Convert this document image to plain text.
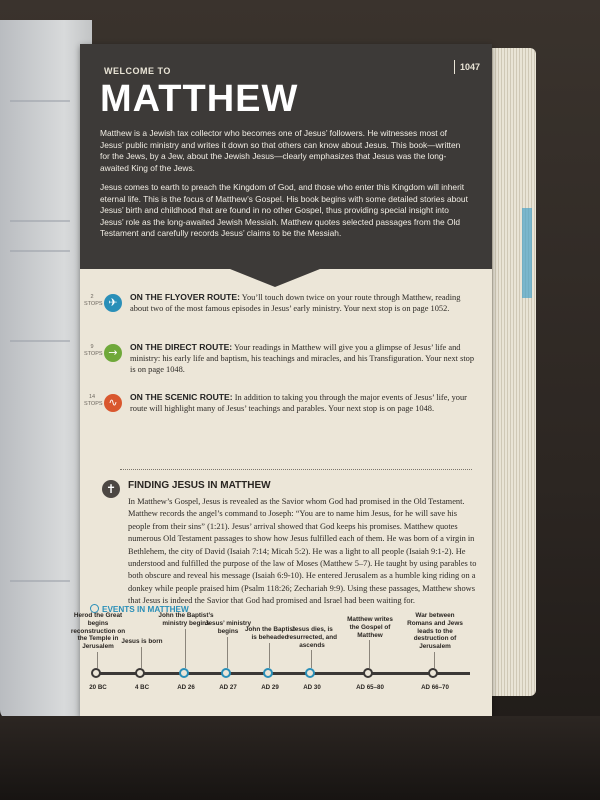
WELCOME TO
MATTHEW
1047

Matthew is a Jewish tax collector who becomes one of Jesus’ followers. He witnesses most of Jesus’ public ministry and writes it down so that others can know about Jesus. This book—written for the Jews, by a Jew, about the Jewish Jesus—clearly emphasizes that Jesus was the long-awaited King of the Jews.

Jesus comes to earth to preach the Kingdom of God, and those who enter this Kingdom will inherit eternal life. This is the focus of Matthew’s Gospel. His book begins with some detailed stories about Jesus’ birth and childhood that are found in no other Gospel, thus providing special insight into Jesus’ role as the long-awaited Jewish Messiah. Matthew quotes selected passages from the Old Testament and carefully records Jesus’ claims to be the Messiah.

2
STOPS ✈	ON THE FLYOVER ROUTE: You’ll touch down twice on your route through Matthew, reading about two of the most famous episodes in Jesus’ early ministry. Your next stop is on page 1052.

9
STOPS →	ON THE DIRECT ROUTE: Your readings in Matthew will give you a glimpse of Jesus’ life and ministry: his early life and baptism, his teachings and miracles, and his Transfiguration. Your next stop is on page 1048.

14
STOPS ∿	ON THE SCENIC ROUTE: In addition to taking you through the major events of Jesus’ life, your route will highlight many of Jesus’ teachings and parables. Your next stop is on page 1048.

✝	FINDING JESUS IN MATTHEW

In Matthew’s Gospel, Jesus is revealed as the Savior whom God had promised in the Old Testament. Matthew records the angel’s command to Joseph: “You are to name him Jesus, for he will save his people from their sins” (1:21). Jesus’ arrival showed that God keeps his promises. Matthew quotes numerous Old Testament passages to show how Jesus fulfilled each of them. He was born of a virgin in Bethlehem, the city of David (Isaiah 7:14; Micah 5:2). He was a light to all people (Isaiah 9:1-2). He understood and fulfilled the purpose of the law of Moses (Matthew 5–7). He taught by using parables to both obscure and reveal his message (Isaiah 6:9-10). He entered Jerusalem as a humble king riding on a donkey while people praised him (Psalm 118:26; Zechariah 9:9). Using these passages, Matthew shows that Jesus is indeed the Savior that God had promised and Israel had been waiting for.

EVENTS IN MATTHEW
Herod the Great begins reconstruction on the Temple in Jerusalem
20 BC
Jesus is born
4 BC
John the Baptist’s ministry begins
AD 26
Jesus’ ministry begins
AD 27
John the Baptist is beheaded
AD 29
Jesus dies, is resurrected, and ascends
AD 30
Matthew writes the Gospel of Matthew
AD 65–80
War between Romans and Jews leads to the destruction of Jerusalem
AD 66–70
